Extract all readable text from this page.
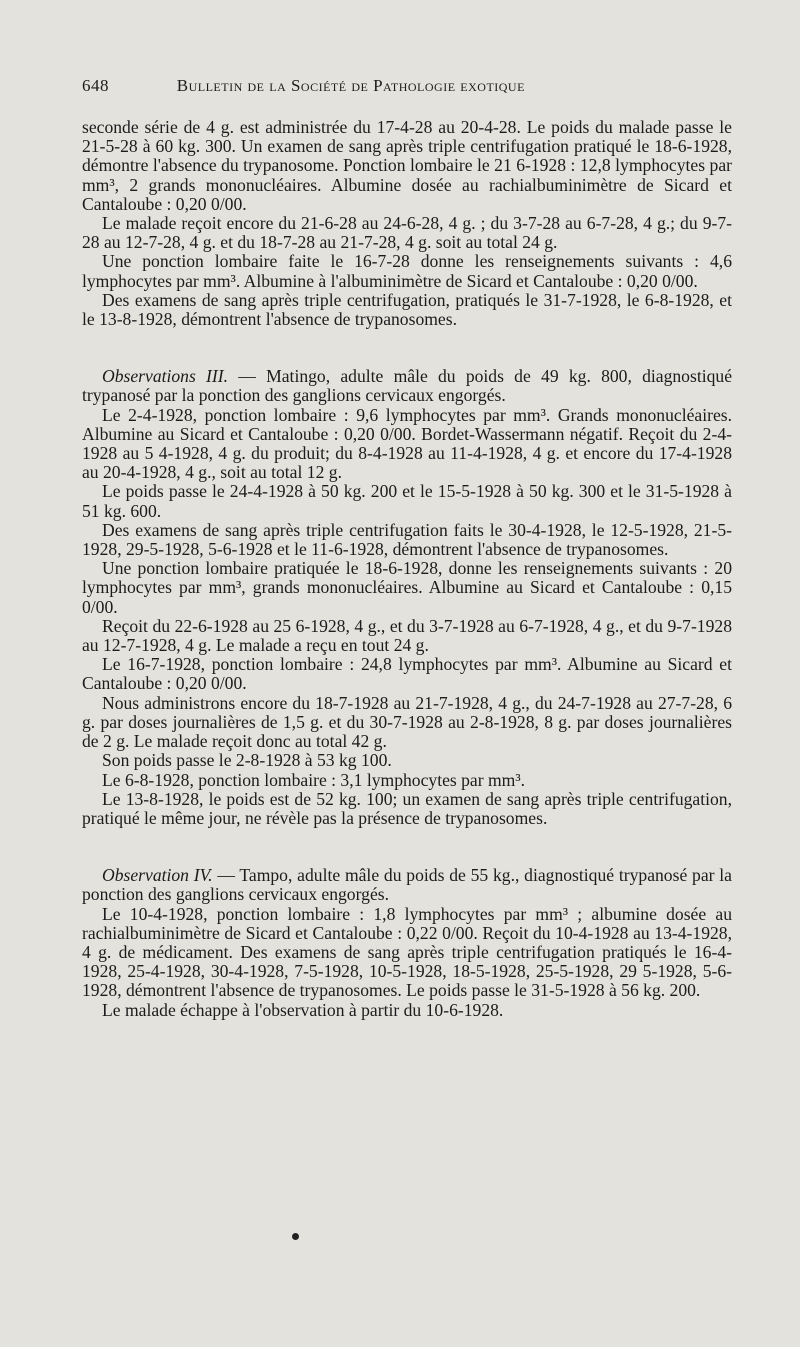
648	Bulletin de la Société de Pathologie exotique

seconde série de 4 g. est administrée du 17-4-28 au 20-4-28. Le poids du malade passe le 21-5-28 à 60 kg. 300. Un examen de sang après triple centrifugation pratiqué le 18-6-1928, démontre l'absence du trypanosome. Ponction lombaire le 21 6-1928 : 12,8 lymphocytes par mm³, 2 grands mononucléaires. Albumine dosée au rachialbuminimètre de Sicard et Cantaloube : 0,20 0/00.

Le malade reçoit encore du 21-6-28 au 24-6-28, 4 g. ; du 3-7-28 au 6-7-28, 4 g.; du 9-7-28 au 12-7-28, 4 g. et du 18-7-28 au 21-7-28, 4 g. soit au total 24 g.

Une ponction lombaire faite le 16-7-28 donne les renseignements suivants : 4,6 lymphocytes par mm³. Albumine à l'albuminimètre de Sicard et Cantaloube : 0,20 0/00.

Des examens de sang après triple centrifugation, pratiqués le 31-7-1928, le 6-8-1928, et le 13-8-1928, démontrent l'absence de trypanosomes.

Observations III. — Matingo, adulte mâle du poids de 49 kg. 800, diagnostiqué trypanosé par la ponction des ganglions cervicaux engorgés.

Le 2-4-1928, ponction lombaire : 9,6 lymphocytes par mm³. Grands mononucléaires. Albumine au Sicard et Cantaloube : 0,20 0/00. Bordet-Wassermann négatif. Reçoit du 2-4-1928 au 5 4-1928, 4 g. du produit; du 8-4-1928 au 11-4-1928, 4 g. et encore du 17-4-1928 au 20-4-1928, 4 g., soit au total 12 g.

Le poids passe le 24-4-1928 à 50 kg. 200 et le 15-5-1928 à 50 kg. 300 et le 31-5-1928 à 51 kg. 600.

Des examens de sang après triple centrifugation faits le 30-4-1928, le 12-5-1928, 21-5-1928, 29-5-1928, 5-6-1928 et le 11-6-1928, démontrent l'absence de trypanosomes.

Une ponction lombaire pratiquée le 18-6-1928, donne les renseignements suivants : 20 lymphocytes par mm³, grands mononucléaires. Albumine au Sicard et Cantaloube : 0,15 0/00.

Reçoit du 22-6-1928 au 25 6-1928, 4 g., et du 3-7-1928 au 6-7-1928, 4 g., et du 9-7-1928 au 12-7-1928, 4 g. Le malade a reçu en tout 24 g.

Le 16-7-1928, ponction lombaire : 24,8 lymphocytes par mm³. Albumine au Sicard et Cantaloube : 0,20 0/00.

Nous administrons encore du 18-7-1928 au 21-7-1928, 4 g., du 24-7-1928 au 27-7-28, 6 g. par doses journalières de 1,5 g. et du 30-7-1928 au 2-8-1928, 8 g. par doses journalières de 2 g. Le malade reçoit donc au total 42 g.

Son poids passe le 2-8-1928 à 53 kg 100.

Le 6-8-1928, ponction lombaire : 3,1 lymphocytes par mm³.

Le 13-8-1928, le poids est de 52 kg. 100; un examen de sang après triple centrifugation, pratiqué le même jour, ne révèle pas la présence de trypanosomes.

Observation IV. — Tampo, adulte mâle du poids de 55 kg., diagnostiqué trypanosé par la ponction des ganglions cervicaux engorgés.

Le 10-4-1928, ponction lombaire : 1,8 lymphocytes par mm³ ; albumine dosée au rachialbuminimètre de Sicard et Cantaloube : 0,22 0/00. Reçoit du 10-4-1928 au 13-4-1928, 4 g. de médicament. Des examens de sang après triple centrifugation pratiqués le 16-4-1928, 25-4-1928, 30-4-1928, 7-5-1928, 10-5-1928, 18-5-1928, 25-5-1928, 29 5-1928, 5-6-1928, démontrent l'absence de trypanosomes. Le poids passe le 31-5-1928 à 56 kg. 200.

Le malade échappe à l'observation à partir du 10-6-1928.
